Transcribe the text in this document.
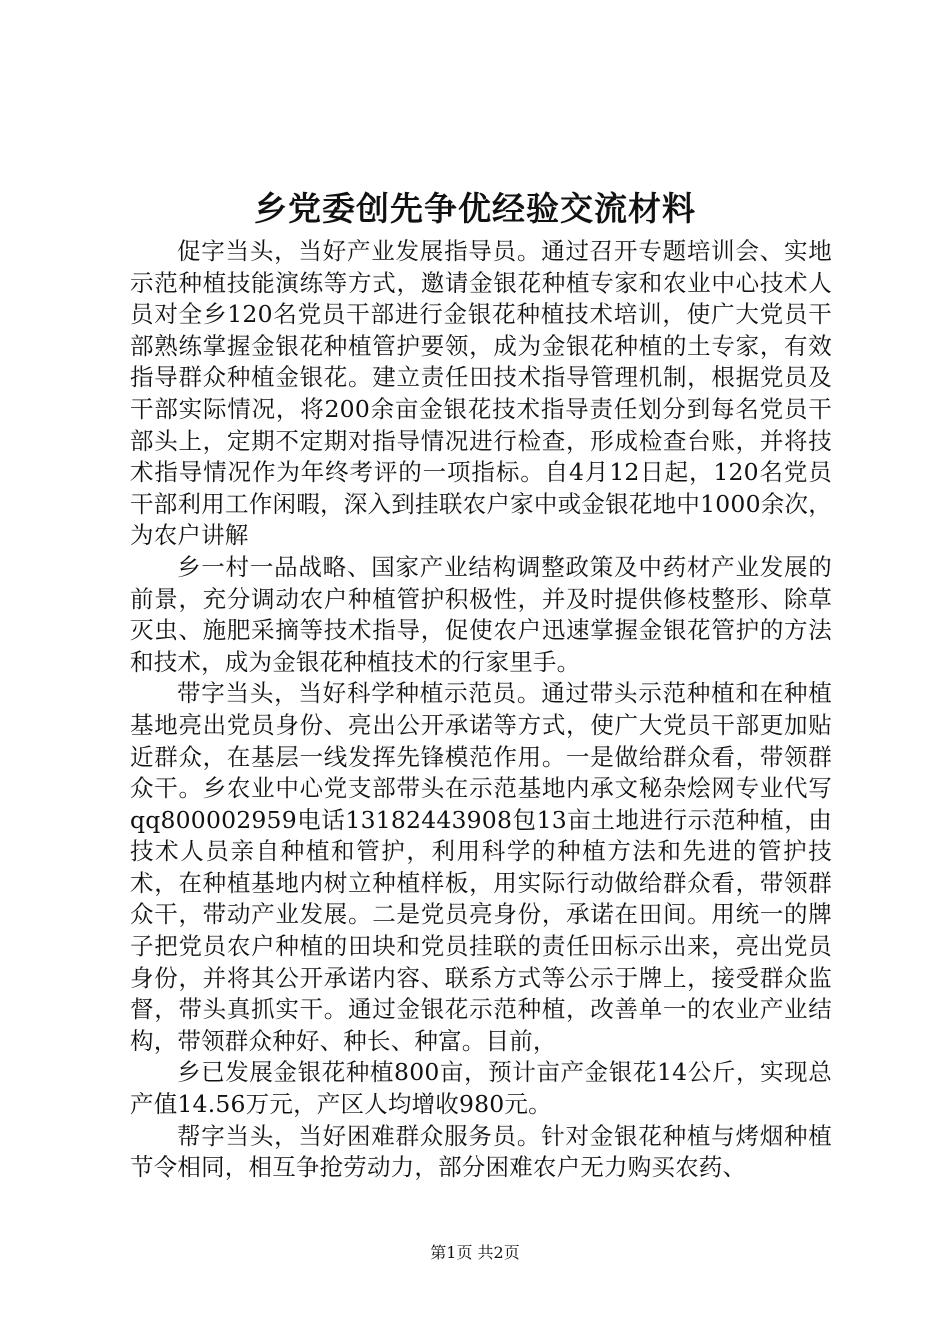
乡党委创先争优经验交流材料

促字当头，当好产业发展指导员。通过召开专题培训会、实地示范种植技能演练等方式，邀请金银花种植专家和农业中心技术人员对全乡120名党员干部进行金银花种植技术培训，使广大党员干部熟练掌握金银花种植管护要领，成为金银花种植的土专家，有效指导群众种植金银花。建立责任田技术指导管理机制，根据党员及干部实际情况，将200余亩金银花技术指导责任划分到每名党员干部头上，定期不定期对指导情况进行检查，形成检查台账，并将技术指导情况作为年终考评的一项指标。自4月12日起，120名党员干部利用工作闲暇，深入到挂联农户家中或金银花地中1000余次，为农户讲解

乡一村一品战略、国家产业结构调整政策及中药材产业发展的前景，充分调动农户种植管护积极性，并及时提供修枝整形、除草灭虫、施肥采摘等技术指导，促使农户迅速掌握金银花管护的方法和技术，成为金银花种植技术的行家里手。

带字当头，当好科学种植示范员。通过带头示范种植和在种植基地亮出党员身份、亮出公开承诺等方式，使广大党员干部更加贴近群众，在基层一线发挥先锋模范作用。一是做给群众看，带领群众干。乡农业中心党支部带头在示范基地内承文秘杂烩网专业代写qq800002959电话13182443908包13亩土地进行示范种植，由技术人员亲自种植和管护，利用科学的种植方法和先进的管护技术，在种植基地内树立种植样板，用实际行动做给群众看，带领群众干，带动产业发展。二是党员亮身份，承诺在田间。用统一的牌子把党员农户种植的田块和党员挂联的责任田标示出来，亮出党员身份，并将其公开承诺内容、联系方式等公示于牌上，接受群众监督，带头真抓实干。通过金银花示范种植，改善单一的农业产业结构，带领群众种好、种长、种富。目前，

乡已发展金银花种植800亩，预计亩产金银花14公斤，实现总产值14.56万元，产区人均增收980元。

帮字当头，当好困难群众服务员。针对金银花种植与烤烟种植节令相同，相互争抢劳动力，部分困难农户无力购买农药、

第1页 共2页
